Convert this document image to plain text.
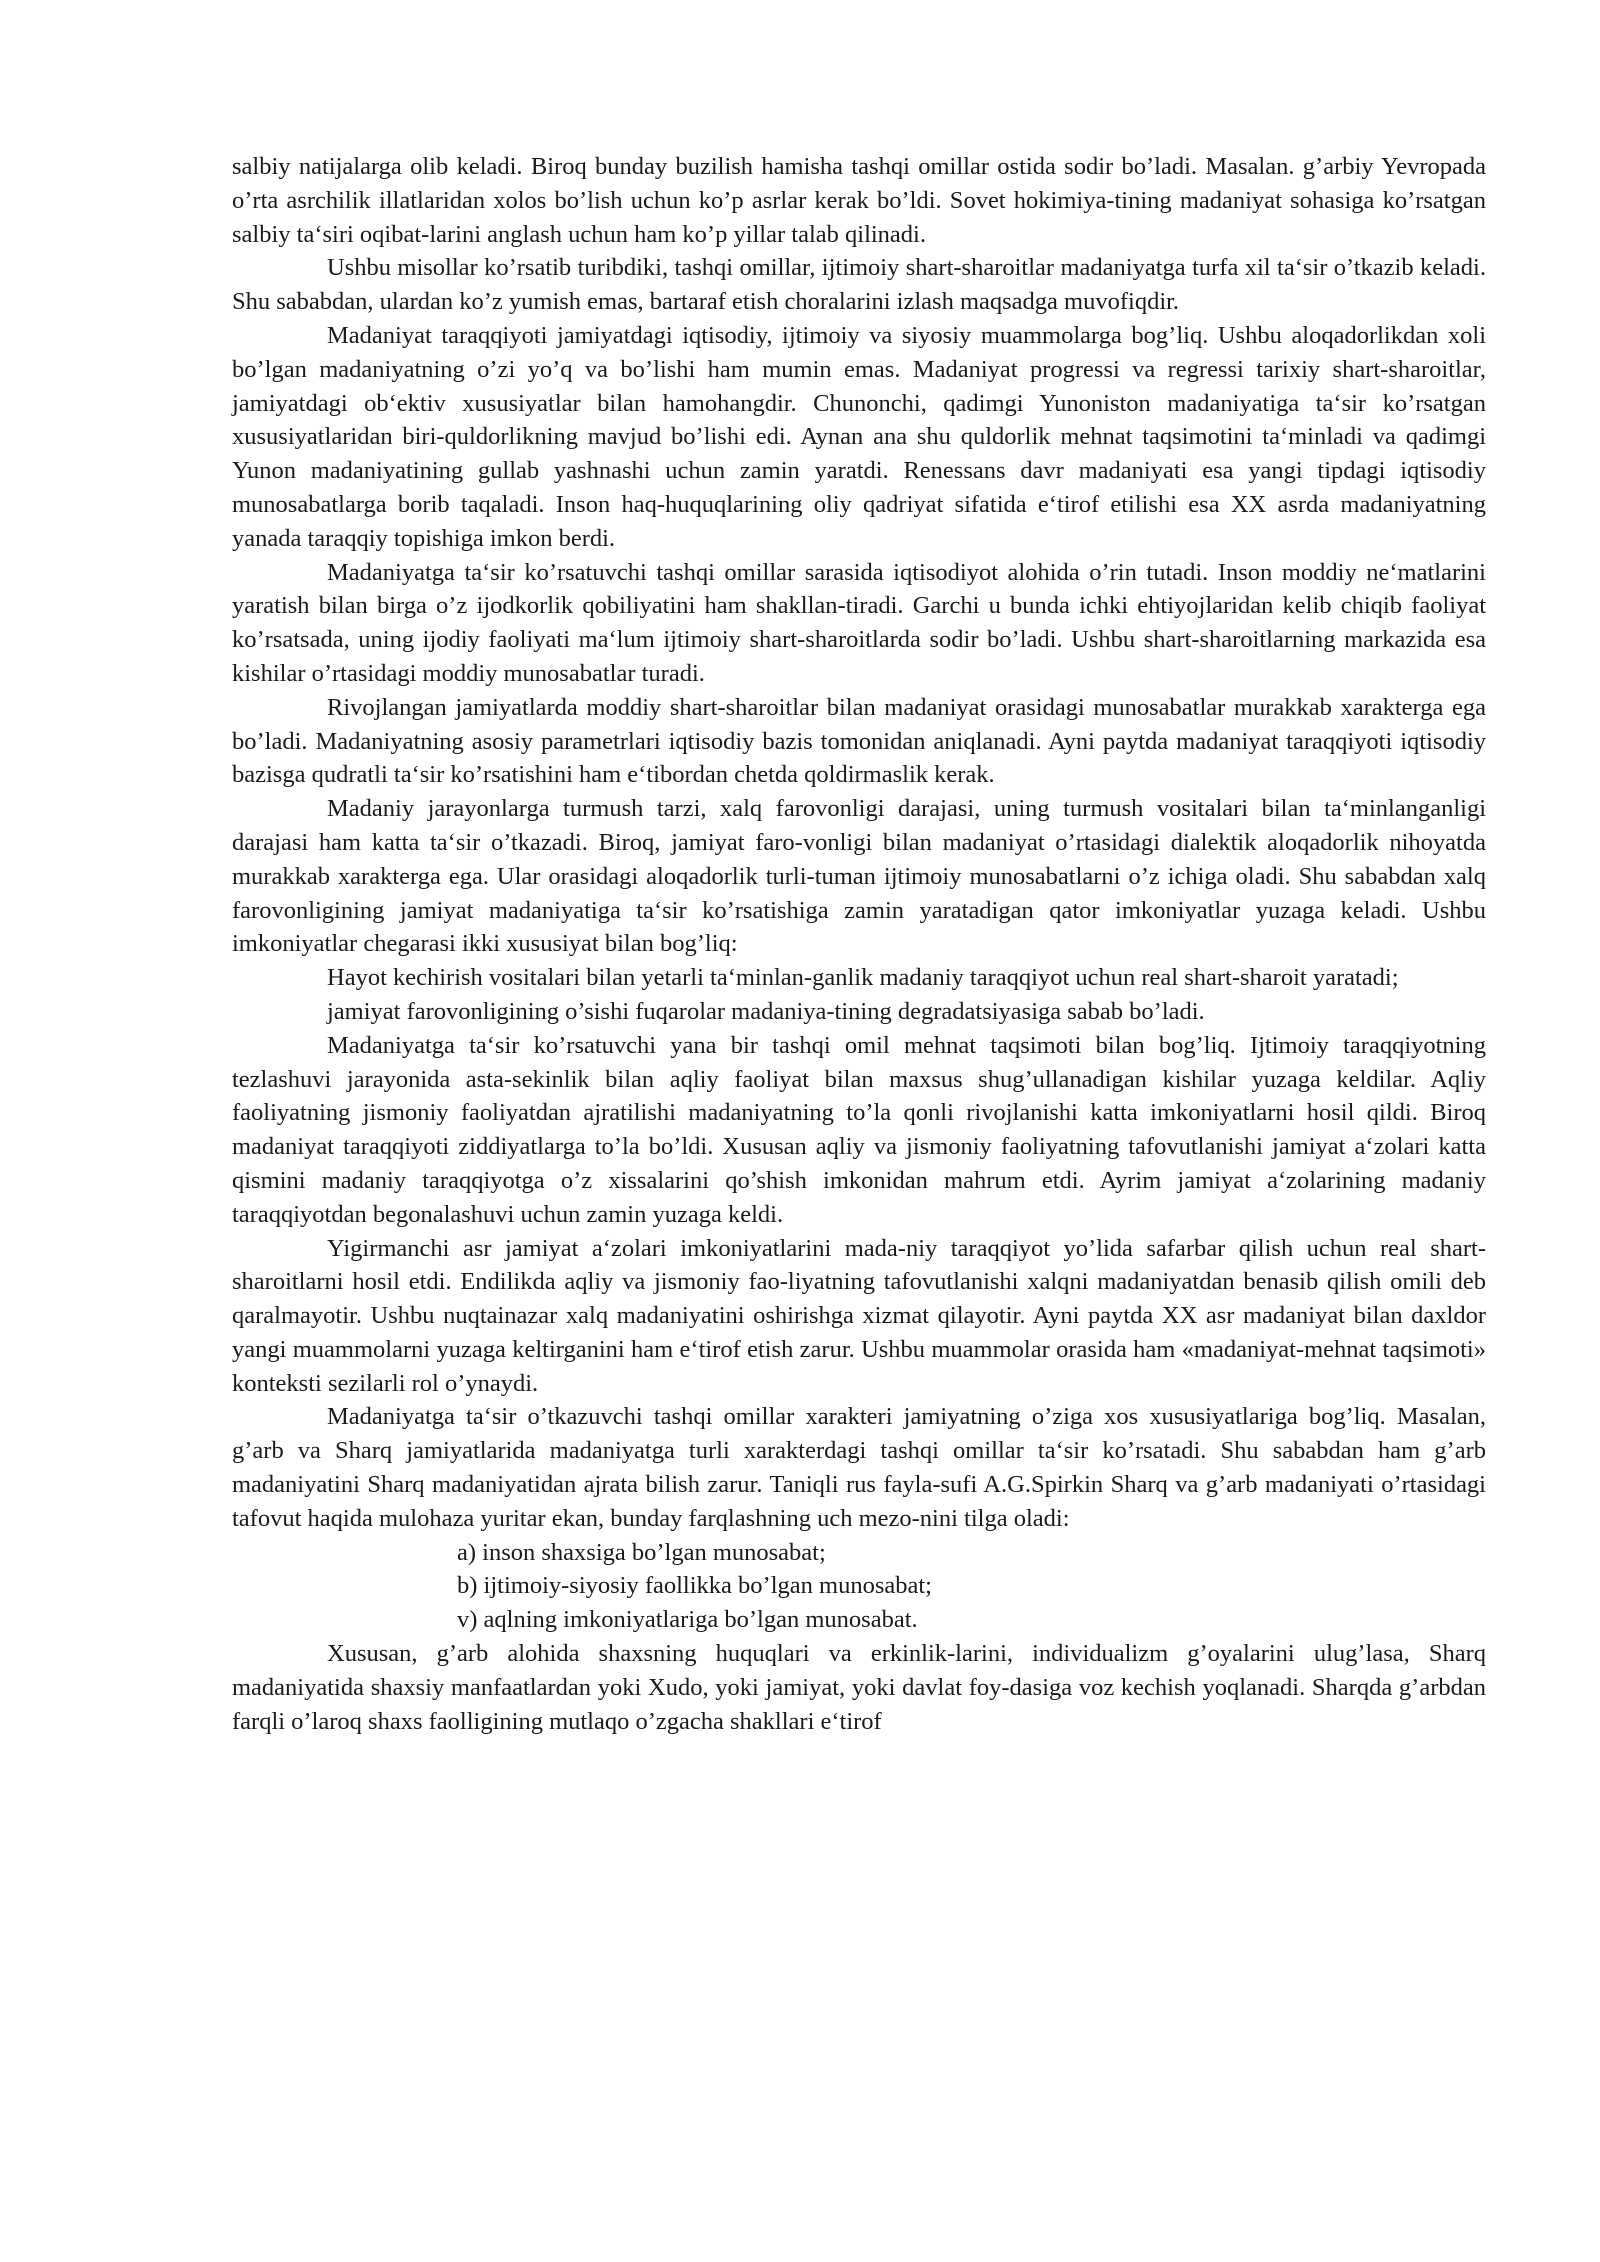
salbiy natijalarga olib keladi. Biroq bunday buzilish hamisha tashqi omillar ostida sodir bo’ladi. Masalan. g’arbiy Yevropada o’rta asrchilik illatlaridan xolos bo’lish uchun ko’p asrlar kerak bo’ldi. Sovet hokimiya-tining madaniyat sohasiga ko’rsatgan salbiy ta‘siri oqibat-larini anglash uchun ham ko’p yillar talab qilinadi.

Ushbu misollar ko’rsatib turibdiki, tashqi omillar, ijtimoiy shart-sharoitlar madaniyatga turfa xil ta‘sir o’tkazib keladi. Shu sababdan, ulardan ko’z yumish emas, bartaraf etish choralarini izlash maqsadga muvofiqdir.

Madaniyat taraqqiyoti jamiyatdagi iqtisodiy, ijtimoiy va siyosiy muammolarga bog’liq. Ushbu aloqadorlikdan xoli bo’lgan madaniyatning o’zi yo’q va bo’lishi ham mumin emas. Madaniyat progressi va regressi tarixiy shart-sharoitlar, jamiyatdagi ob‘ektiv xususiyatlar bilan hamohangdir. Chunonchi, qadimgi Yunoniston madaniyatiga ta‘sir ko’rsatgan xususiyatlaridan biri-quldorlikning mavjud bo’lishi edi. Aynan ana shu quldorlik mehnat taqsimotini ta‘minladi va qadimgi Yunon madaniyatining gullab yashnashi uchun zamin yaratdi. Renessans davr madaniyati esa yangi tipdagi iqtisodiy munosabatlarga borib taqaladi. Inson haq-huquqlarining oliy qadriyat sifatida e‘tirof etilishi esa XX asrda madaniyatning yanada taraqqiy topishiga imkon berdi.

Madaniyatga ta‘sir ko’rsatuvchi tashqi omillar sarasida iqtisodiyot alohida o’rin tutadi. Inson moddiy ne‘matlarini yaratish bilan birga o’z ijodkorlik qobiliyatini ham shakllan-tiradi. Garchi u bunda ichki ehtiyojlaridan kelib chiqib faoliyat ko’rsatsada, uning ijodiy faoliyati ma‘lum ijtimoiy shart-sharoitlarda sodir bo’ladi. Ushbu shart-sharoitlarning markazida esa kishilar o’rtasidagi moddiy munosabatlar turadi.

Rivojlangan jamiyatlarda moddiy shart-sharoitlar bilan madaniyat orasidagi munosabatlar murakkab xarakterga ega bo’ladi. Madaniyatning asosiy parametrlari iqtisodiy bazis tomonidan aniqlanadi. Ayni paytda madaniyat taraqqiyoti iqtisodiy bazisga qudratli ta‘sir ko’rsatishini ham e‘tibordan chetda qoldirmaslik kerak.

Madaniy jarayonlarga turmush tarzi, xalq farovonligi darajasi, uning turmush vositalari bilan ta‘minlanganligi darajasi ham katta ta‘sir o’tkazadi. Biroq, jamiyat faro-vonligi bilan madaniyat o’rtasidagi dialektik aloqadorlik nihoyatda murakkab xarakterga ega. Ular orasidagi aloqadorlik turli-tuman ijtimoiy munosabatlarni o’z ichiga oladi. Shu sababdan xalq farovonligining jamiyat madaniyatiga ta‘sir ko’rsatishiga zamin yaratadigan qator imkoniyatlar yuzaga keladi. Ushbu imkoniyatlar chegarasi ikki xususiyat bilan bog’liq:

Hayot kechirish vositalari bilan yetarli ta‘minlan-ganlik madaniy taraqqiyot uchun real shart-sharoit yaratadi;

jamiyat farovonligining o’sishi fuqarolar madaniya-tining degradatsiyasiga sabab bo’ladi.

Madaniyatga ta‘sir ko’rsatuvchi yana bir tashqi omil mehnat taqsimoti bilan bog’liq. Ijtimoiy taraqqiyotning tezlashuvi jarayonida asta-sekinlik bilan aqliy faoliyat bilan maxsus shug’ullanadigan kishilar yuzaga keldilar. Aqliy faoliyatning jismoniy faoliyatdan ajratilishi madaniyatning to’la qonli rivojlanishi katta imkoniyatlarni hosil qildi. Biroq madaniyat taraqqiyoti ziddiyatlarga to’la bo’ldi. Xususan aqliy va jismoniy faoliyatning tafovutlanishi jamiyat a‘zolari katta qismini madaniy taraqqiyotga o’z xissalarini qo’shish imkonidan mahrum etdi. Ayrim jamiyat a‘zolarining madaniy taraqqiyotdan begonalashuvi uchun zamin yuzaga keldi.

Yigirmanchi asr jamiyat a‘zolari imkoniyatlarini mada-niy taraqqiyot yo’lida safarbar qilish uchun real shart-sharoitlarni hosil etdi. Endilikda aqliy va jismoniy fao-liyatning tafovutlanishi xalqni madaniyatdan benasib qilish omili deb qaralmayotir. Ushbu nuqtainazar xalq madaniyatini oshirishga xizmat qilayotir. Ayni paytda XX asr madaniyat bilan daxldor yangi muammolarni yuzaga keltirganini ham e‘tirof etish zarur. Ushbu muammolar orasida ham «madaniyat-mehnat taqsimoti» konteksti sezilarli rol o’ynaydi.

Madaniyatga ta‘sir o’tkazuvchi tashqi omillar xarakteri jamiyatning o’ziga xos xususiyatlariga bog’liq. Masalan, g’arb va Sharq jamiyatlarida madaniyatga turli xarakterdagi tashqi omillar ta‘sir ko’rsatadi. Shu sababdan ham g’arb madaniyatini Sharq madaniyatidan ajrata bilish zarur. Taniqli rus fayla-sufi A.G.Spirkin Sharq va g’arb madaniyati o’rtasidagi tafovut haqida mulohaza yuritar ekan, bunday farqlashning uch mezo-nini tilga oladi:

a) inson shaxsiga bo’lgan munosabat;

b) ijtimoiy-siyosiy faollikka bo’lgan munosabat;

v) aqlning imkoniyatlariga bo’lgan munosabat.

Xususan, g’arb alohida shaxsning huquqlari va erkinlik-larini, individualizm g’oyalarini ulug’lasa, Sharq madaniyatida shaxsiy manfaatlardan yoki Xudo, yoki jamiyat, yoki davlat foy-dasiga voz kechish yoqlanadi. Sharqda g’arbdan farqli o’laroq shaxs faolligining mutlaqo o’zgacha shakllari e‘tirof
